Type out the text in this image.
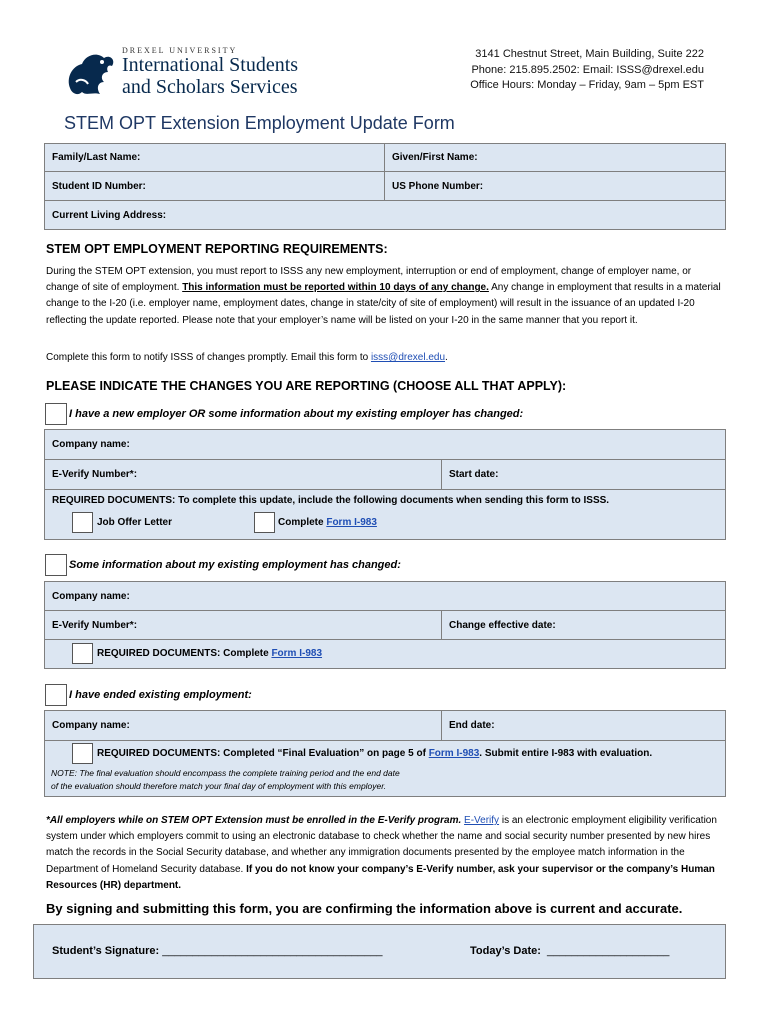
DREXEL UNIVERSITY
International Students
and Scholars Services
3141 Chestnut Street, Main Building, Suite 222
Phone: 215.895.2502: Email: ISSS@drexel.edu
Office Hours: Monday – Friday, 9am – 5pm EST
STEM OPT Extension Employment Update Form
Family/Last Name:	Given/First Name:
Student ID Number:	US Phone Number:
Current Living Address:
STEM OPT EMPLOYMENT REPORTING REQUIREMENTS:
During the STEM OPT extension, you must report to ISSS any new employment, interruption or end of employment, change of employer name, or change of site of employment. This information must be reported within 10 days of any change. Any change in employment that results in a material change to the I-20 (i.e. employer name, employment dates, change in state/city of site of employment) will result in the issuance of an updated I-20 reflecting the update reported. Please note that your employer’s name will be listed on your I-20 in the same manner that you report it.
Complete this form to notify ISSS of changes promptly. Email this form to isss@drexel.edu.
PLEASE INDICATE THE CHANGES YOU ARE REPORTING (CHOOSE ALL THAT APPLY):
I have a new employer OR some information about my existing employer has changed:
Company name:
E-Verify Number*:	Start date:
REQUIRED DOCUMENTS: To complete this update, include the following documents when sending this form to ISSS.
Job Offer Letter	Complete Form I-983
Some information about my existing employment has changed:
Company name:
E-Verify Number*:	Change effective date:
REQUIRED DOCUMENTS: Complete Form I-983
I have ended existing employment:
Company name:	End date:
REQUIRED DOCUMENTS: Completed “Final Evaluation” on page 5 of Form I-983. Submit entire I-983 with evaluation.
NOTE: The final evaluation should encompass the complete training period and the end date
of the evaluation should therefore match your final day of employment with this employer.
*All employers while on STEM OPT Extension must be enrolled in the E-Verify program. E-Verify is an electronic employment eligibility verification system under which employers commit to using an electronic database to check whether the name and social security number presented by new hires match the records in the Social Security database, and whether any immigration documents presented by the employee match information in the Department of Homeland Security database. If you do not know your company’s E-Verify number, ask your supervisor or the company’s Human Resources (HR) department.
By signing and submitting this form, you are confirming the information above is current and accurate.
Student’s Signature: ____________________________________	Today’s Date: ____________________
